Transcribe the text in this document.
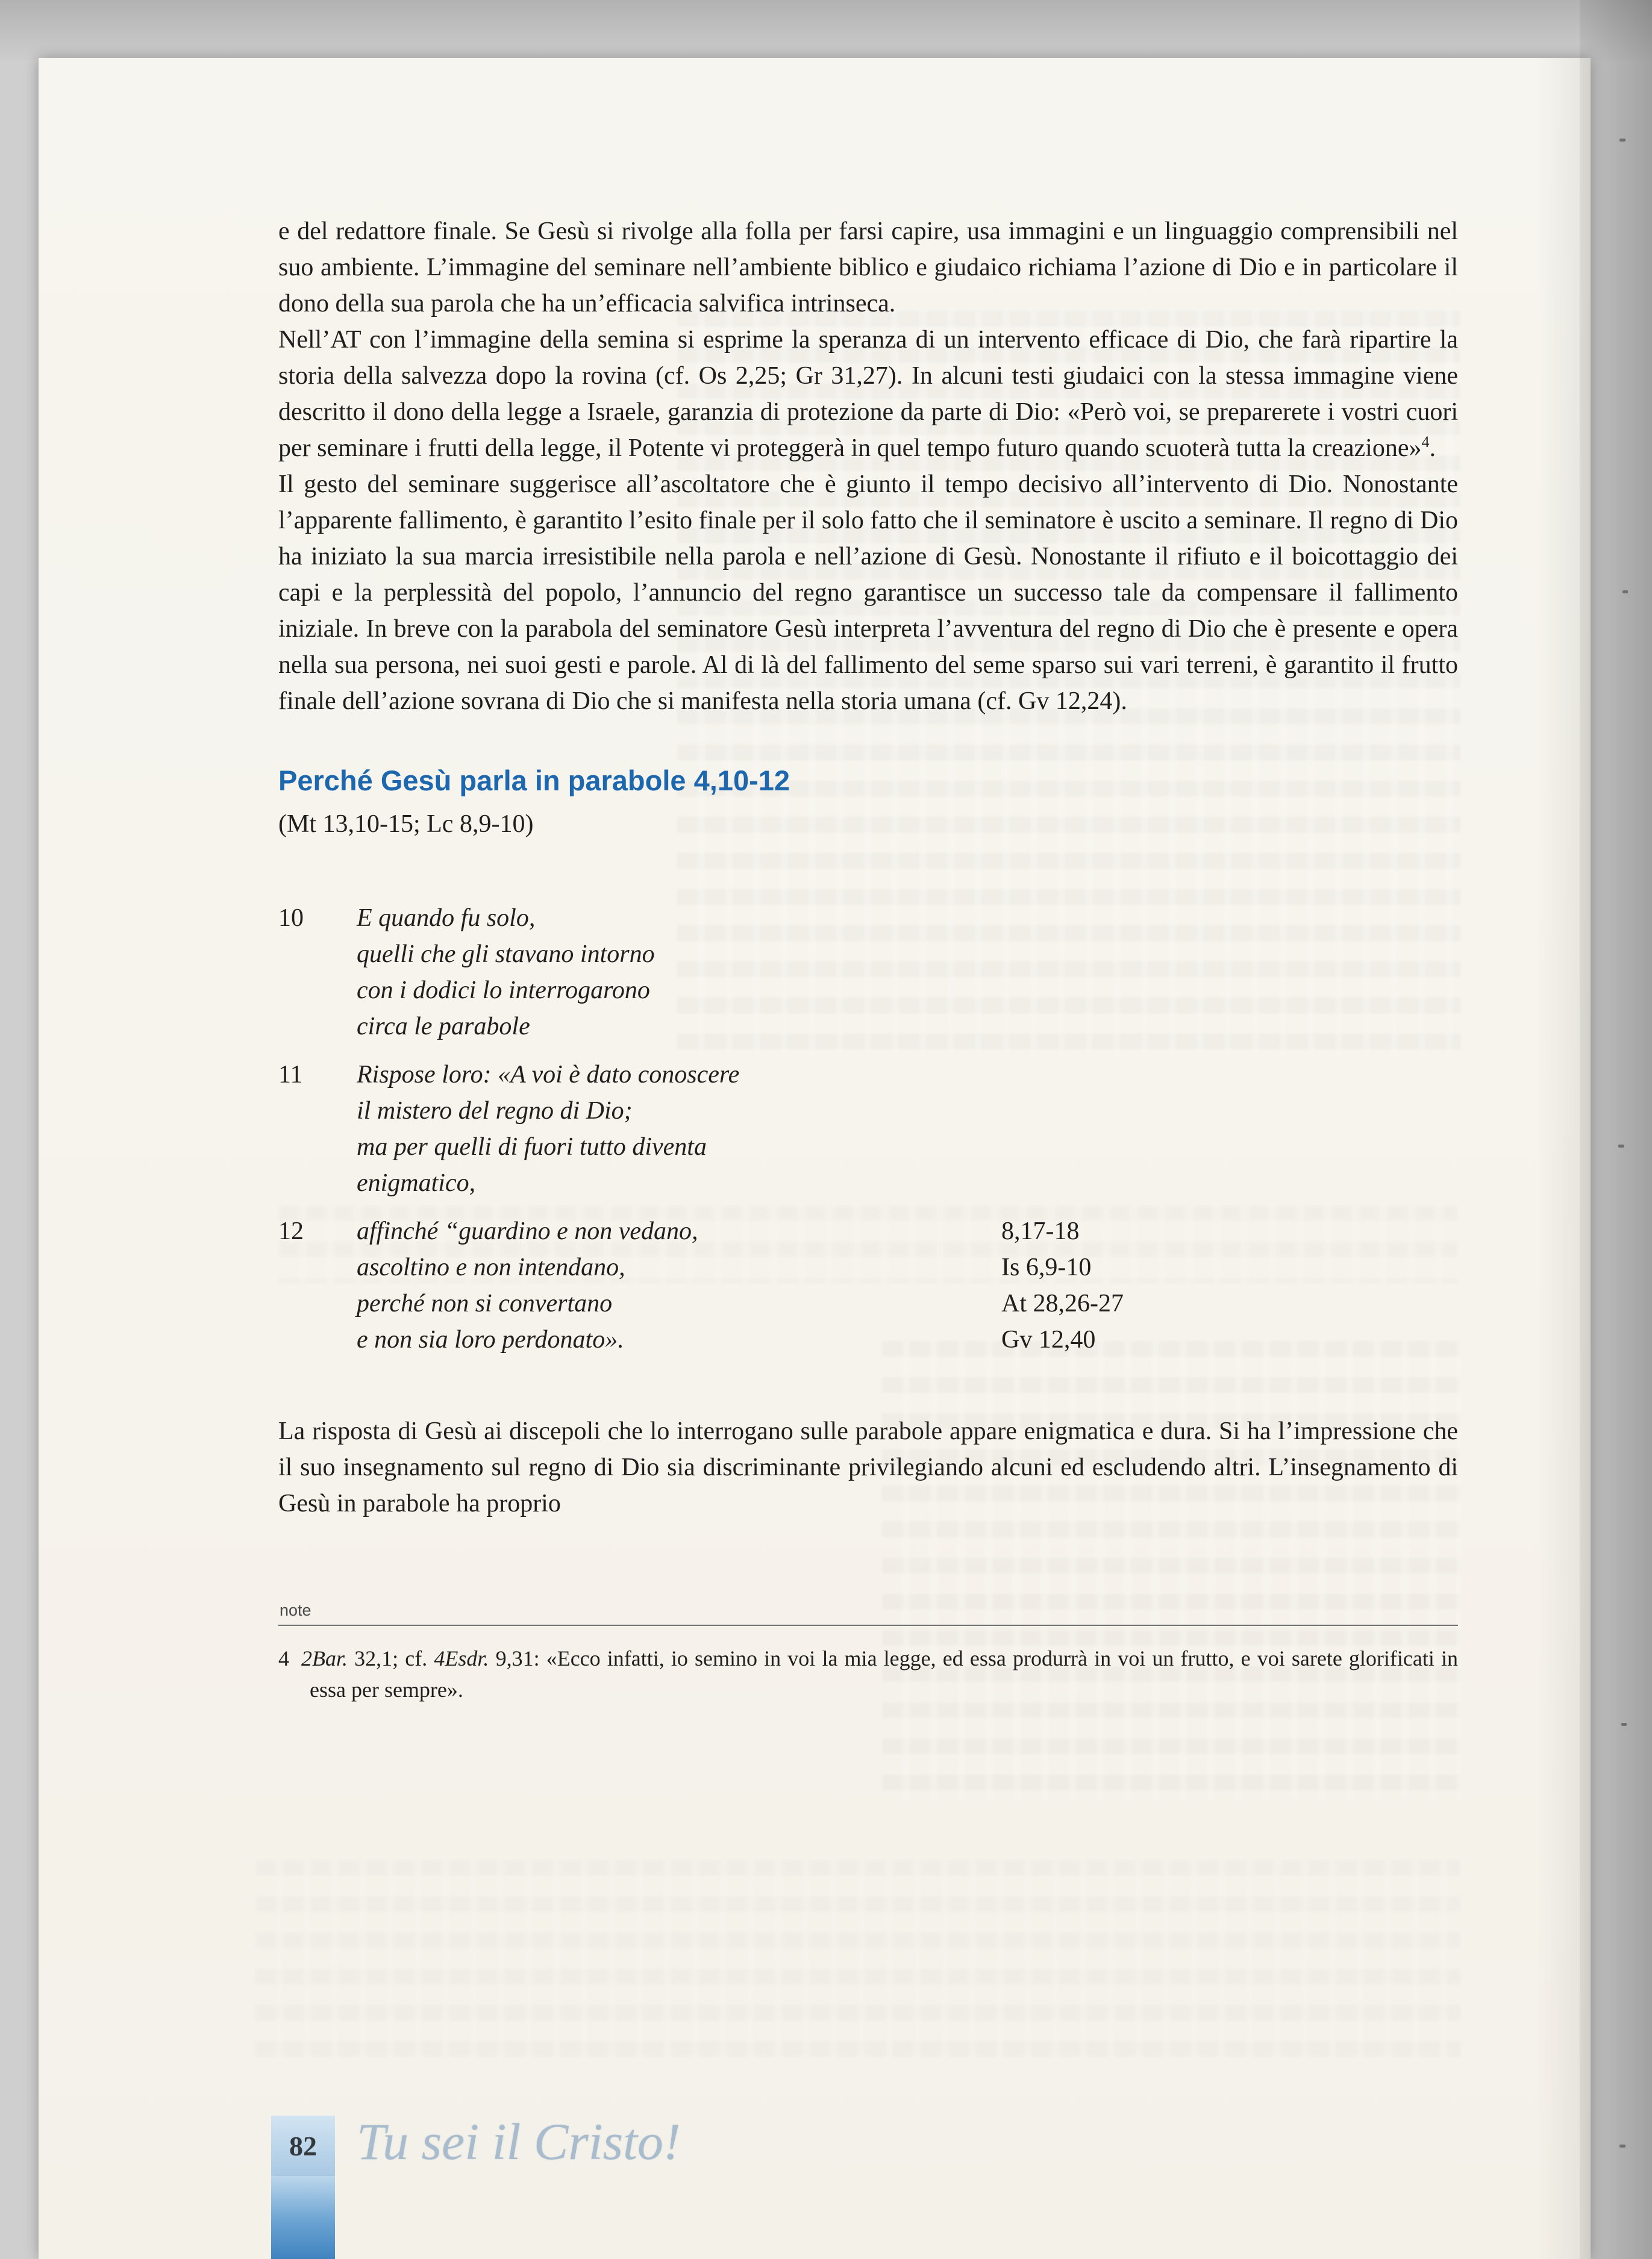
e del redattore finale. Se Gesù si rivolge alla folla per farsi capire, usa immagini e un linguaggio comprensibili nel suo ambiente. L’immagine del seminare nell’ambiente biblico e giudaico richiama l’azione di Dio e in particolare il dono della sua parola che ha un’efficacia salvifica intrinseca.

Nell’AT con l’immagine della semina si esprime la speranza di un intervento efficace di Dio, che farà ripartire la storia della salvezza dopo la rovina (cf. Os 2,25; Gr 31,27). In alcuni testi giudaici con la stessa immagine viene descritto il dono della legge a Israele, garanzia di protezione da parte di Dio: «Però voi, se preparerete i vostri cuori per seminare i frutti della legge, il Potente vi proteggerà in quel tempo futuro quando scuoterà tutta la creazione»$^4$.

Il gesto del seminare suggerisce all’ascoltatore che è giunto il tempo decisivo all’intervento di Dio. Nonostante l’apparente fallimento, è garantito l’esito finale per il solo fatto che il seminatore è uscito a seminare. Il regno di Dio ha iniziato la sua marcia irresistibile nella parola e nell’azione di Gesù. Nonostante il rifiuto e il boicottaggio dei capi e la perplessità del popolo, l’annuncio del regno garantisce un successo tale da compensare il fallimento iniziale. In breve con la parabola del seminatore Gesù interpreta l’avventura del regno di Dio che è presente e opera nella sua persona, nei suoi gesti e parole. Al di là del fallimento del seme sparso sui vari terreni, è garantito il frutto finale dell’azione sovrana di Dio che si manifesta nella storia umana (cf. Gv 12,24).

Perché Gesù parla in parabole 4,10-12

(Mt 13,10-15; Lc 8,9-10)

10 E quando fu solo,
quelli che gli stavano intorno
con i dodici lo interrogarono
circa le parabole
11 Rispose loro: «A voi è dato conoscere
il mistero del regno di Dio;
ma per quelli di fuori tutto diventa
enigmatico,
12 affinché “guardino e non vedano,
ascoltino e non intendano,
perché non si convertano
e non sia loro perdonato».
8,17-18
Is 6,9-10
At 28,26-27
Gv 12,40

La risposta di Gesù ai discepoli che lo interrogano sulle parabole appare enigmatica e dura. Si ha l’impressione che il suo insegnamento sul regno di Dio sia discriminante privilegiando alcuni ed escludendo altri. L’insegnamento di Gesù in parabole ha proprio

note

4 2Bar. 32,1; cf. 4Esdr. 9,31: «Ecco infatti, io semino in voi la mia legge, ed essa produrrà in voi un frutto, e voi sarete glorificati in essa per sempre».

82 Tu sei il Cristo!
